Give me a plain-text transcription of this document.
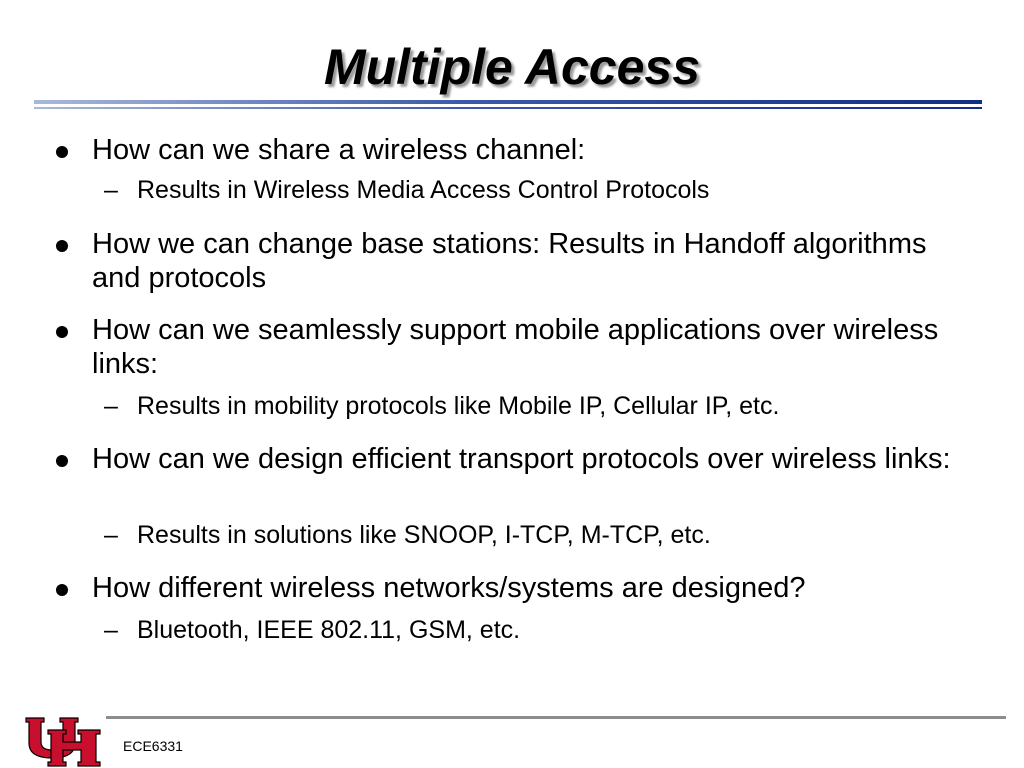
Multiple Access
How can we share a wireless channel:
– Results in Wireless Media Access Control Protocols
How we can change base stations: Results in Handoff algorithms and protocols
How can we seamlessly support mobile applications over wireless links:
– Results in mobility protocols like Mobile IP, Cellular IP, etc.
How can we design efficient transport protocols over wireless links:
– Results in solutions like SNOOP, I-TCP, M-TCP, etc.
How different wireless networks/systems are designed?
– Bluetooth, IEEE 802.11, GSM, etc.
ECE6331
